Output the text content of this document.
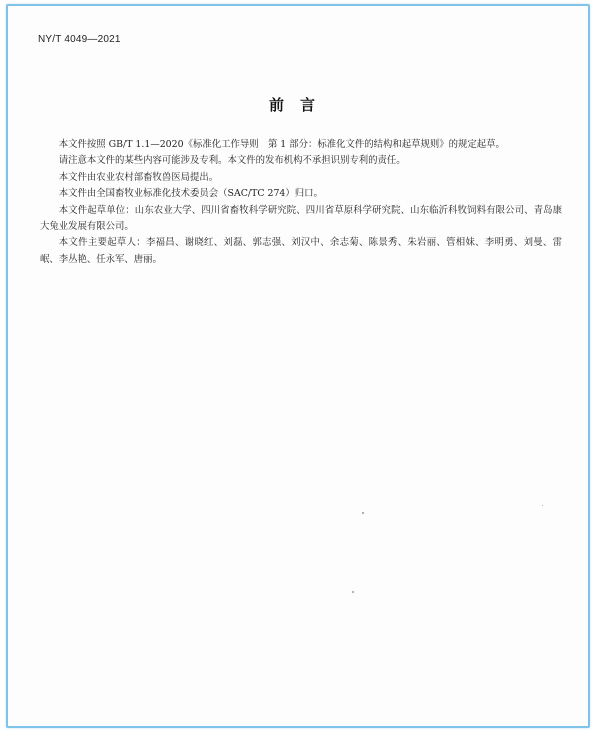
NY/T 4049—2021
前言

本文件按照 GB/T 1.1—2020《标准化工作导则　第 1 部分：标准化文件的结构和起草规则》的规定起草。

请注意本文件的某些内容可能涉及专利。本文件的发布机构不承担识别专利的责任。

本文件由农业农村部畜牧兽医局提出。

本文件由全国畜牧业标准化技术委员会（SAC/TC 274）归口。

本文件起草单位：山东农业大学、四川省畜牧科学研究院、四川省草原科学研究院、山东临沂科牧饲料有限公司、青岛康大兔业发展有限公司。

本文件主要起草人：李福昌、谢晓红、刘磊、郭志强、刘汉中、余志菊、陈景秀、朱岩丽、管相妹、李明勇、刘曼、雷岷、李丛艳、任永军、唐丽。
